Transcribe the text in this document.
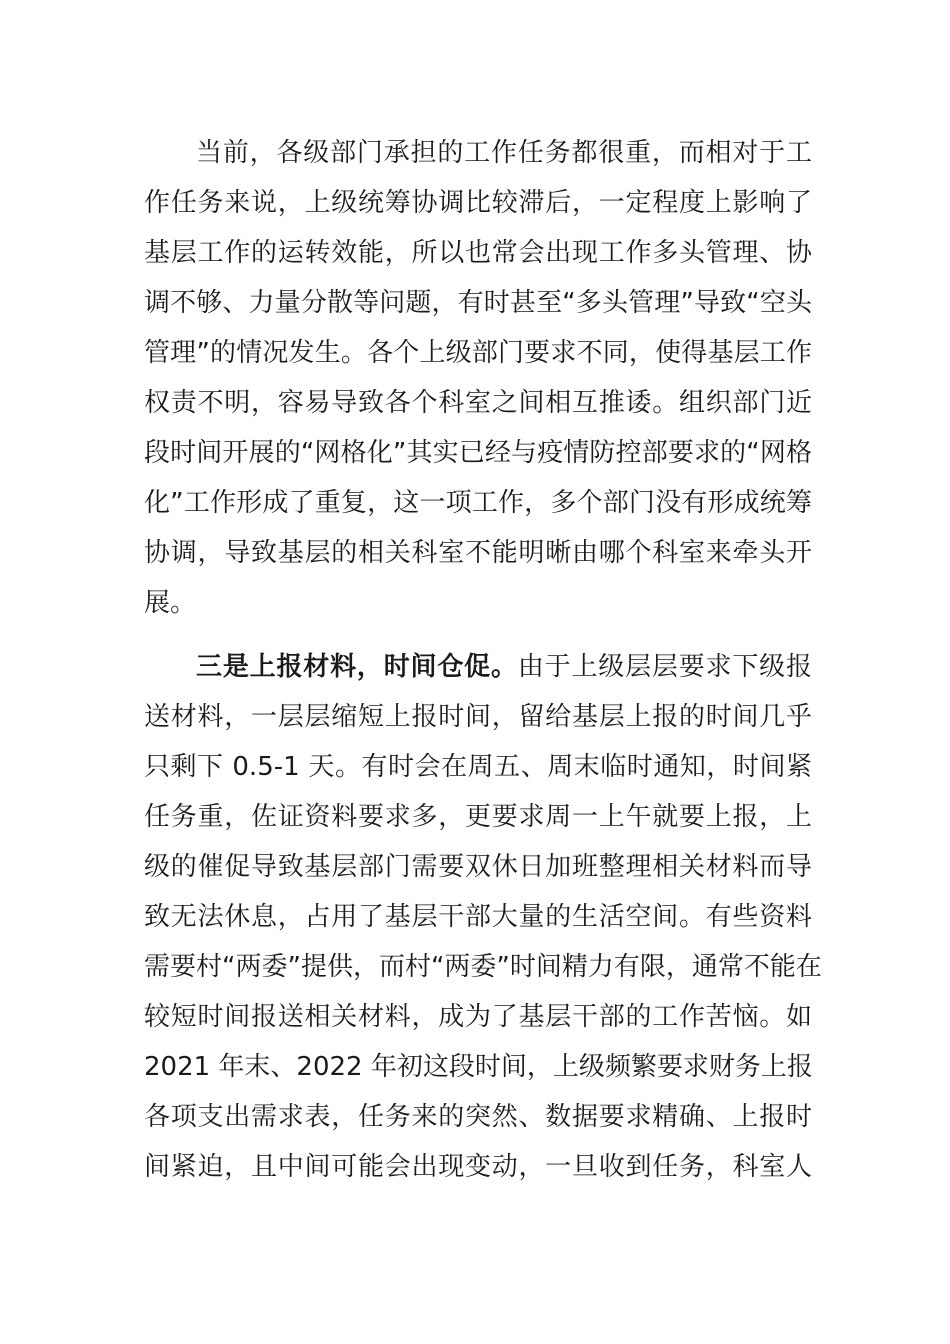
当前，各级部门承担的工作任务都很重，而相对于工
作任务来说，上级统筹协调比较滞后，一定程度上影响了
基层工作的运转效能，所以也常会出现工作多头管理、协
调不够、力量分散等问题，有时甚至“多头管理”导致“空头
管理”的情况发生。各个上级部门要求不同，使得基层工作
权责不明，容易导致各个科室之间相互推诿。组织部门近
段时间开展的“网格化”其实已经与疫情防控部要求的“网格
化”工作形成了重复，这一项工作，多个部门没有形成统筹
协调，导致基层的相关科室不能明晰由哪个科室来牵头开
展。
三是上报材料，时间仓促。由于上级层层要求下级报
送材料，一层层缩短上报时间，留给基层上报的时间几乎
只剩下 0.5-1 天。有时会在周五、周末临时通知，时间紧
任务重，佐证资料要求多，更要求周一上午就要上报，上
级的催促导致基层部门需要双休日加班整理相关材料而导
致无法休息，占用了基层干部大量的生活空间。有些资料
需要村“两委”提供，而村“两委”时间精力有限，通常不能在
较短时间报送相关材料，成为了基层干部的工作苦恼。如
2021 年末、2022 年初这段时间，上级频繁要求财务上报
各项支出需求表，任务来的突然、数据要求精确、上报时
间紧迫，且中间可能会出现变动，一旦收到任务，科室人
